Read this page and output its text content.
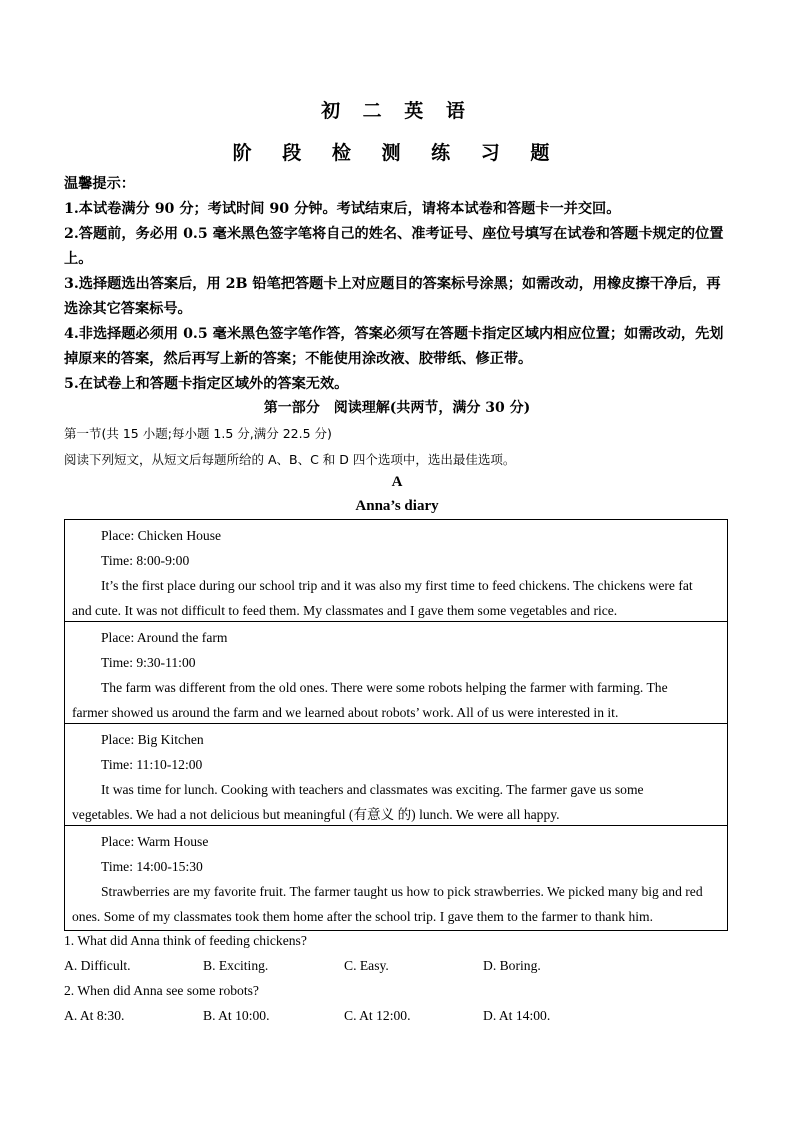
初 二 英 语
阶 段 检 测 练 习 题

温馨提示：

1.本试卷满分 90 分；考试时间 90 分钟。考试结束后，请将本试卷和答题卡一并交回。

2.答题前，务必用 0.5 毫米黑色签字笔将自己的姓名、准考证号、座位号填写在试卷和答题卡规定的位置上。

3.选择题选出答案后，用 2B 铅笔把答题卡上对应题目的答案标号涂黑；如需改动，用橡皮擦干净后，再选涂其它答案标号。

4.非选择题必须用 0.5 毫米黑色签字笔作答，答案必须写在答题卡指定区域内相应位置；如需改动，先划掉原来的答案，然后再写上新的答案；不能使用涂改液、胶带纸、修正带。

5.在试卷上和答题卡指定区域外的答案无效。

第一部分　阅读理解(共两节，满分 30 分)
第一节(共 15 小题;每小题 1.5 分,满分 22.5 分)
阅读下列短文，从短文后每题所给的 A、B、C 和 D 四个选项中，选出最佳选项。
A
Anna’s diary
Place: Chicken House
Time: 8:00-9:00
It’s the first place during our school trip and it was also my first time to feed chickens. The chickens were fat
and cute. It was not difficult to feed them. My classmates and I gave them some vegetables and rice.
Place: Around the farm
Time: 9:30-11:00
The farm was different from the old ones. There were some robots helping the farmer with farming. The
farmer showed us around the farm and we learned about robots’ work. All of us were interested in it.
Place: Big Kitchen
Time: 11:10-12:00
It was time for lunch. Cooking with teachers and classmates was exciting. The farmer gave us some
vegetables. We had a not delicious but meaningful (有意义 的) lunch. We were all happy.
Place: Warm House
Time: 14:00-15:30
Strawberries are my favorite fruit. The farmer taught us how to pick strawberries. We picked many big and red
ones. Some of my classmates took them home after the school trip. I gave them to the farmer to thank him.
1. What did Anna think of feeding chickens?
A. Difficult.	B. Exciting.	C. Easy.	D. Boring.
2. When did Anna see some robots?
A. At 8:30.	B. At 10:00.	C. At 12:00.	D. At 14:00.
